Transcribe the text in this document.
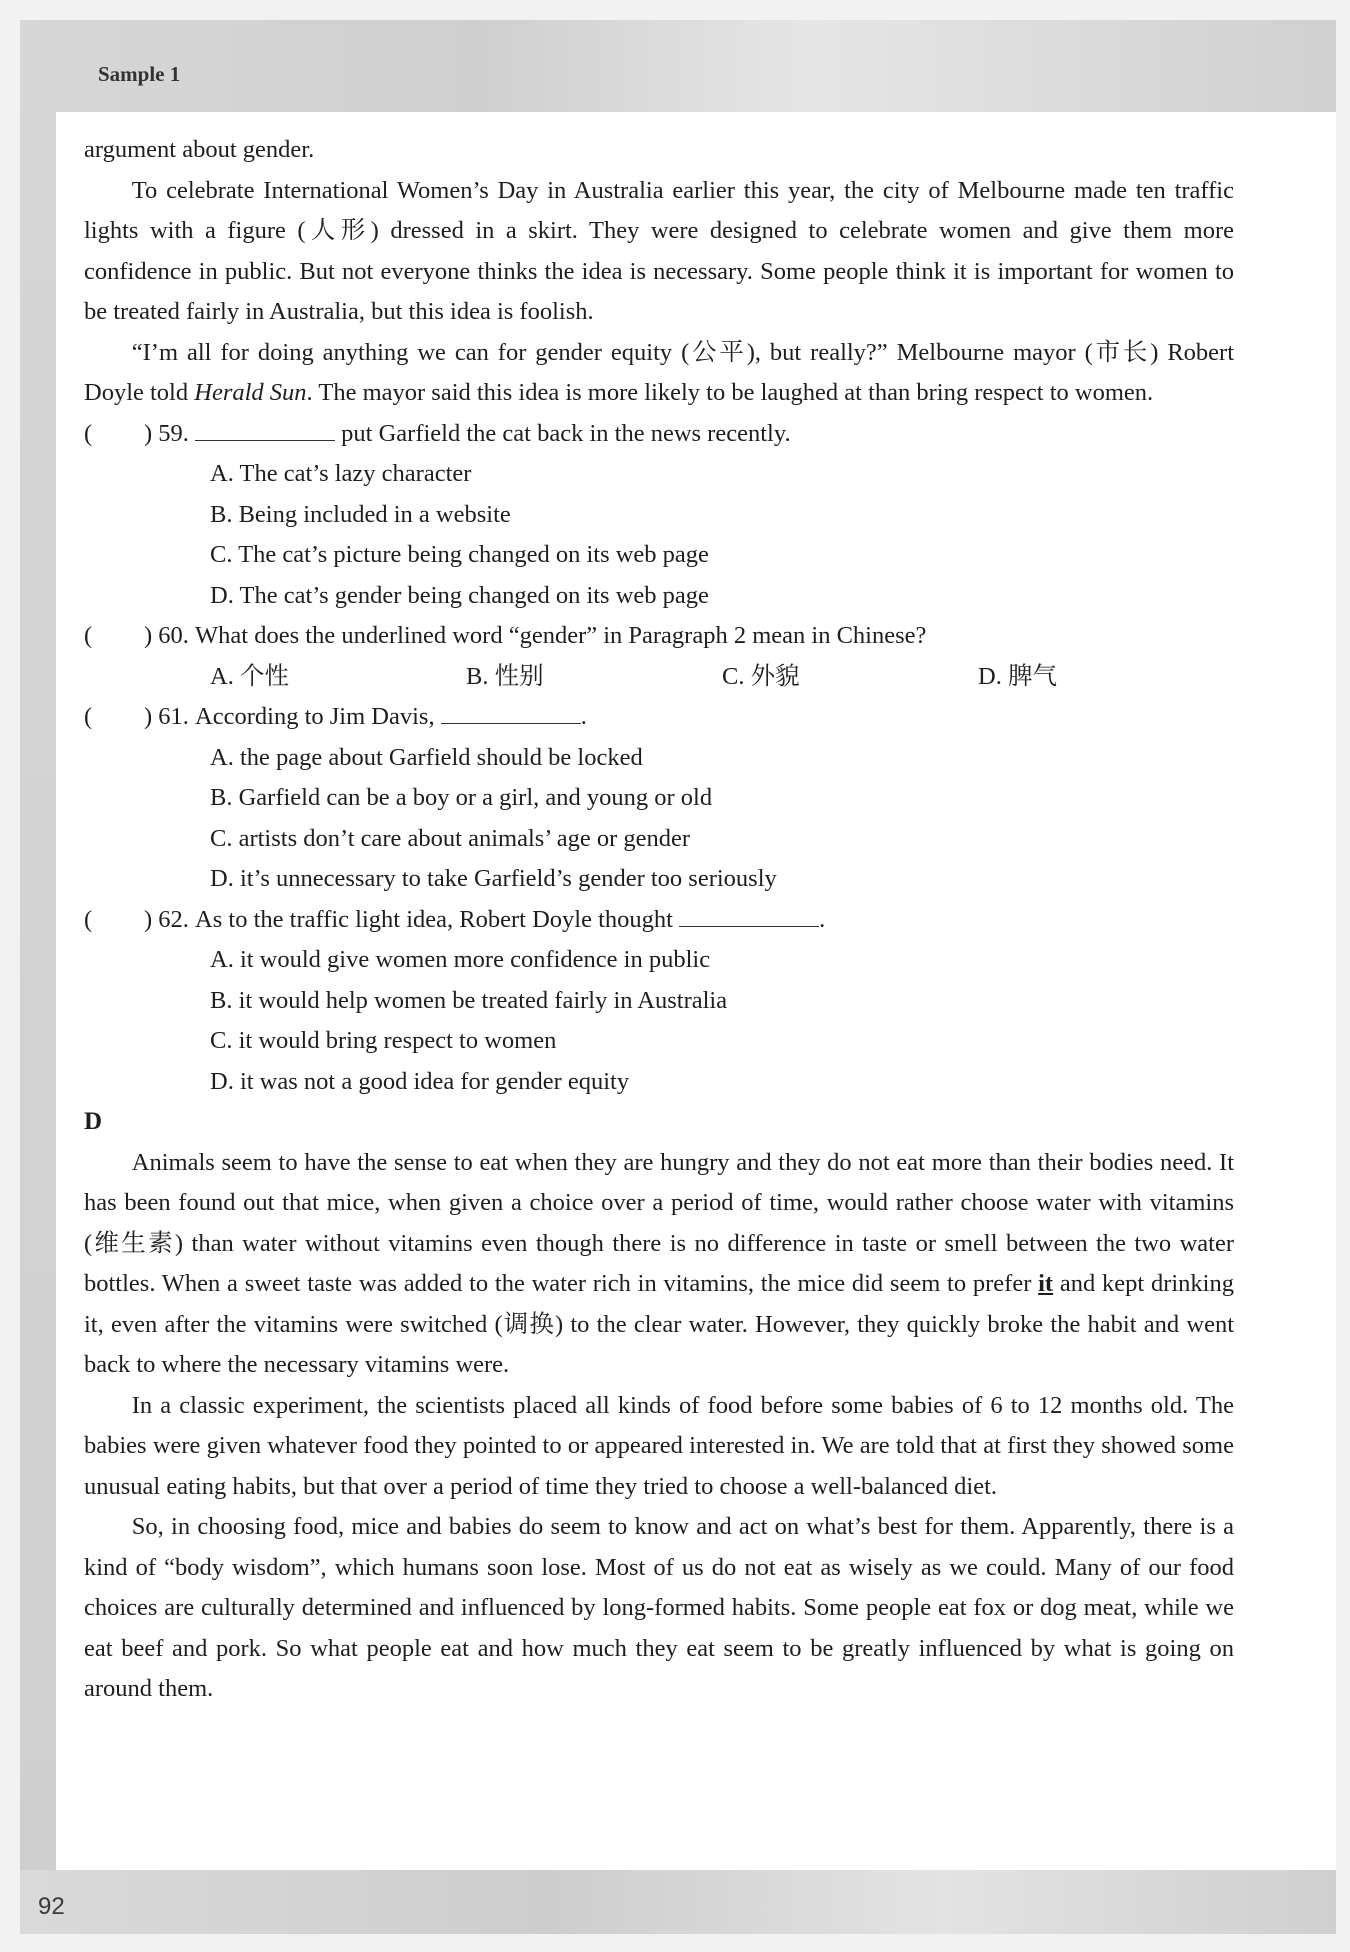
Sample 1
92

argument about gender.

To celebrate International Women’s Day in Australia earlier this year, the city of Melbourne made ten traffic lights with a figure (人形) dressed in a skirt. They were designed to celebrate women and give them more confidence in public. But not everyone thinks the idea is necessary. Some people think it is important for women to be treated fairly in Australia, but this idea is foolish.

“I’m all for doing anything we can for gender equity (公平), but really?” Melbourne mayor (市长) Robert Doyle told Herald Sun. The mayor said this idea is more likely to be laughed at than bring respect to women.

(	) 59.	put Garfield the cat back in the news recently.

A. The cat’s lazy character

B. Being included in a website

C. The cat’s picture being changed on its web page

D. The cat’s gender being changed on its web page

(	) 60. What does the underlined word “gender” in Paragraph 2 mean in Chinese?
A. 个性	B. 性别	C. 外貌	D. 脾气
(	) 61. According to Jim Davis,	.

A. the page about Garfield should be locked

B. Garfield can be a boy or a girl, and young or old

C. artists don’t care about animals’ age or gender

D. it’s unnecessary to take Garfield’s gender too seriously

(	) 62. As to the traffic light idea, Robert Doyle thought	.

A. it would give women more confidence in public

B. it would help women be treated fairly in Australia

C. it would bring respect to women

D. it was not a good idea for gender equity

D

Animals seem to have the sense to eat when they are hungry and they do not eat more than their bodies need. It has been found out that mice, when given a choice over a period of time, would rather choose water with vitamins (维生素) than water without vitamins even though there is no difference in taste or smell between the two water bottles. When a sweet taste was added to the water rich in vitamins, the mice did seem to prefer it and kept drinking it, even after the vitamins were switched (调换) to the clear water. However, they quickly broke the habit and went back to where the necessary vitamins were.

In a classic experiment, the scientists placed all kinds of food before some babies of 6 to 12 months old. The babies were given whatever food they pointed to or appeared interested in. We are told that at first they showed some unusual eating habits, but that over a period of time they tried to choose a well-balanced diet.

So, in choosing food, mice and babies do seem to know and act on what’s best for them. Apparently, there is a kind of “body wisdom”, which humans soon lose. Most of us do not eat as wisely as we could. Many of our food choices are culturally determined and influenced by long-formed habits. Some people eat fox or dog meat, while we eat beef and pork. So what people eat and how much they eat seem to be greatly influenced by what is going on around them.
